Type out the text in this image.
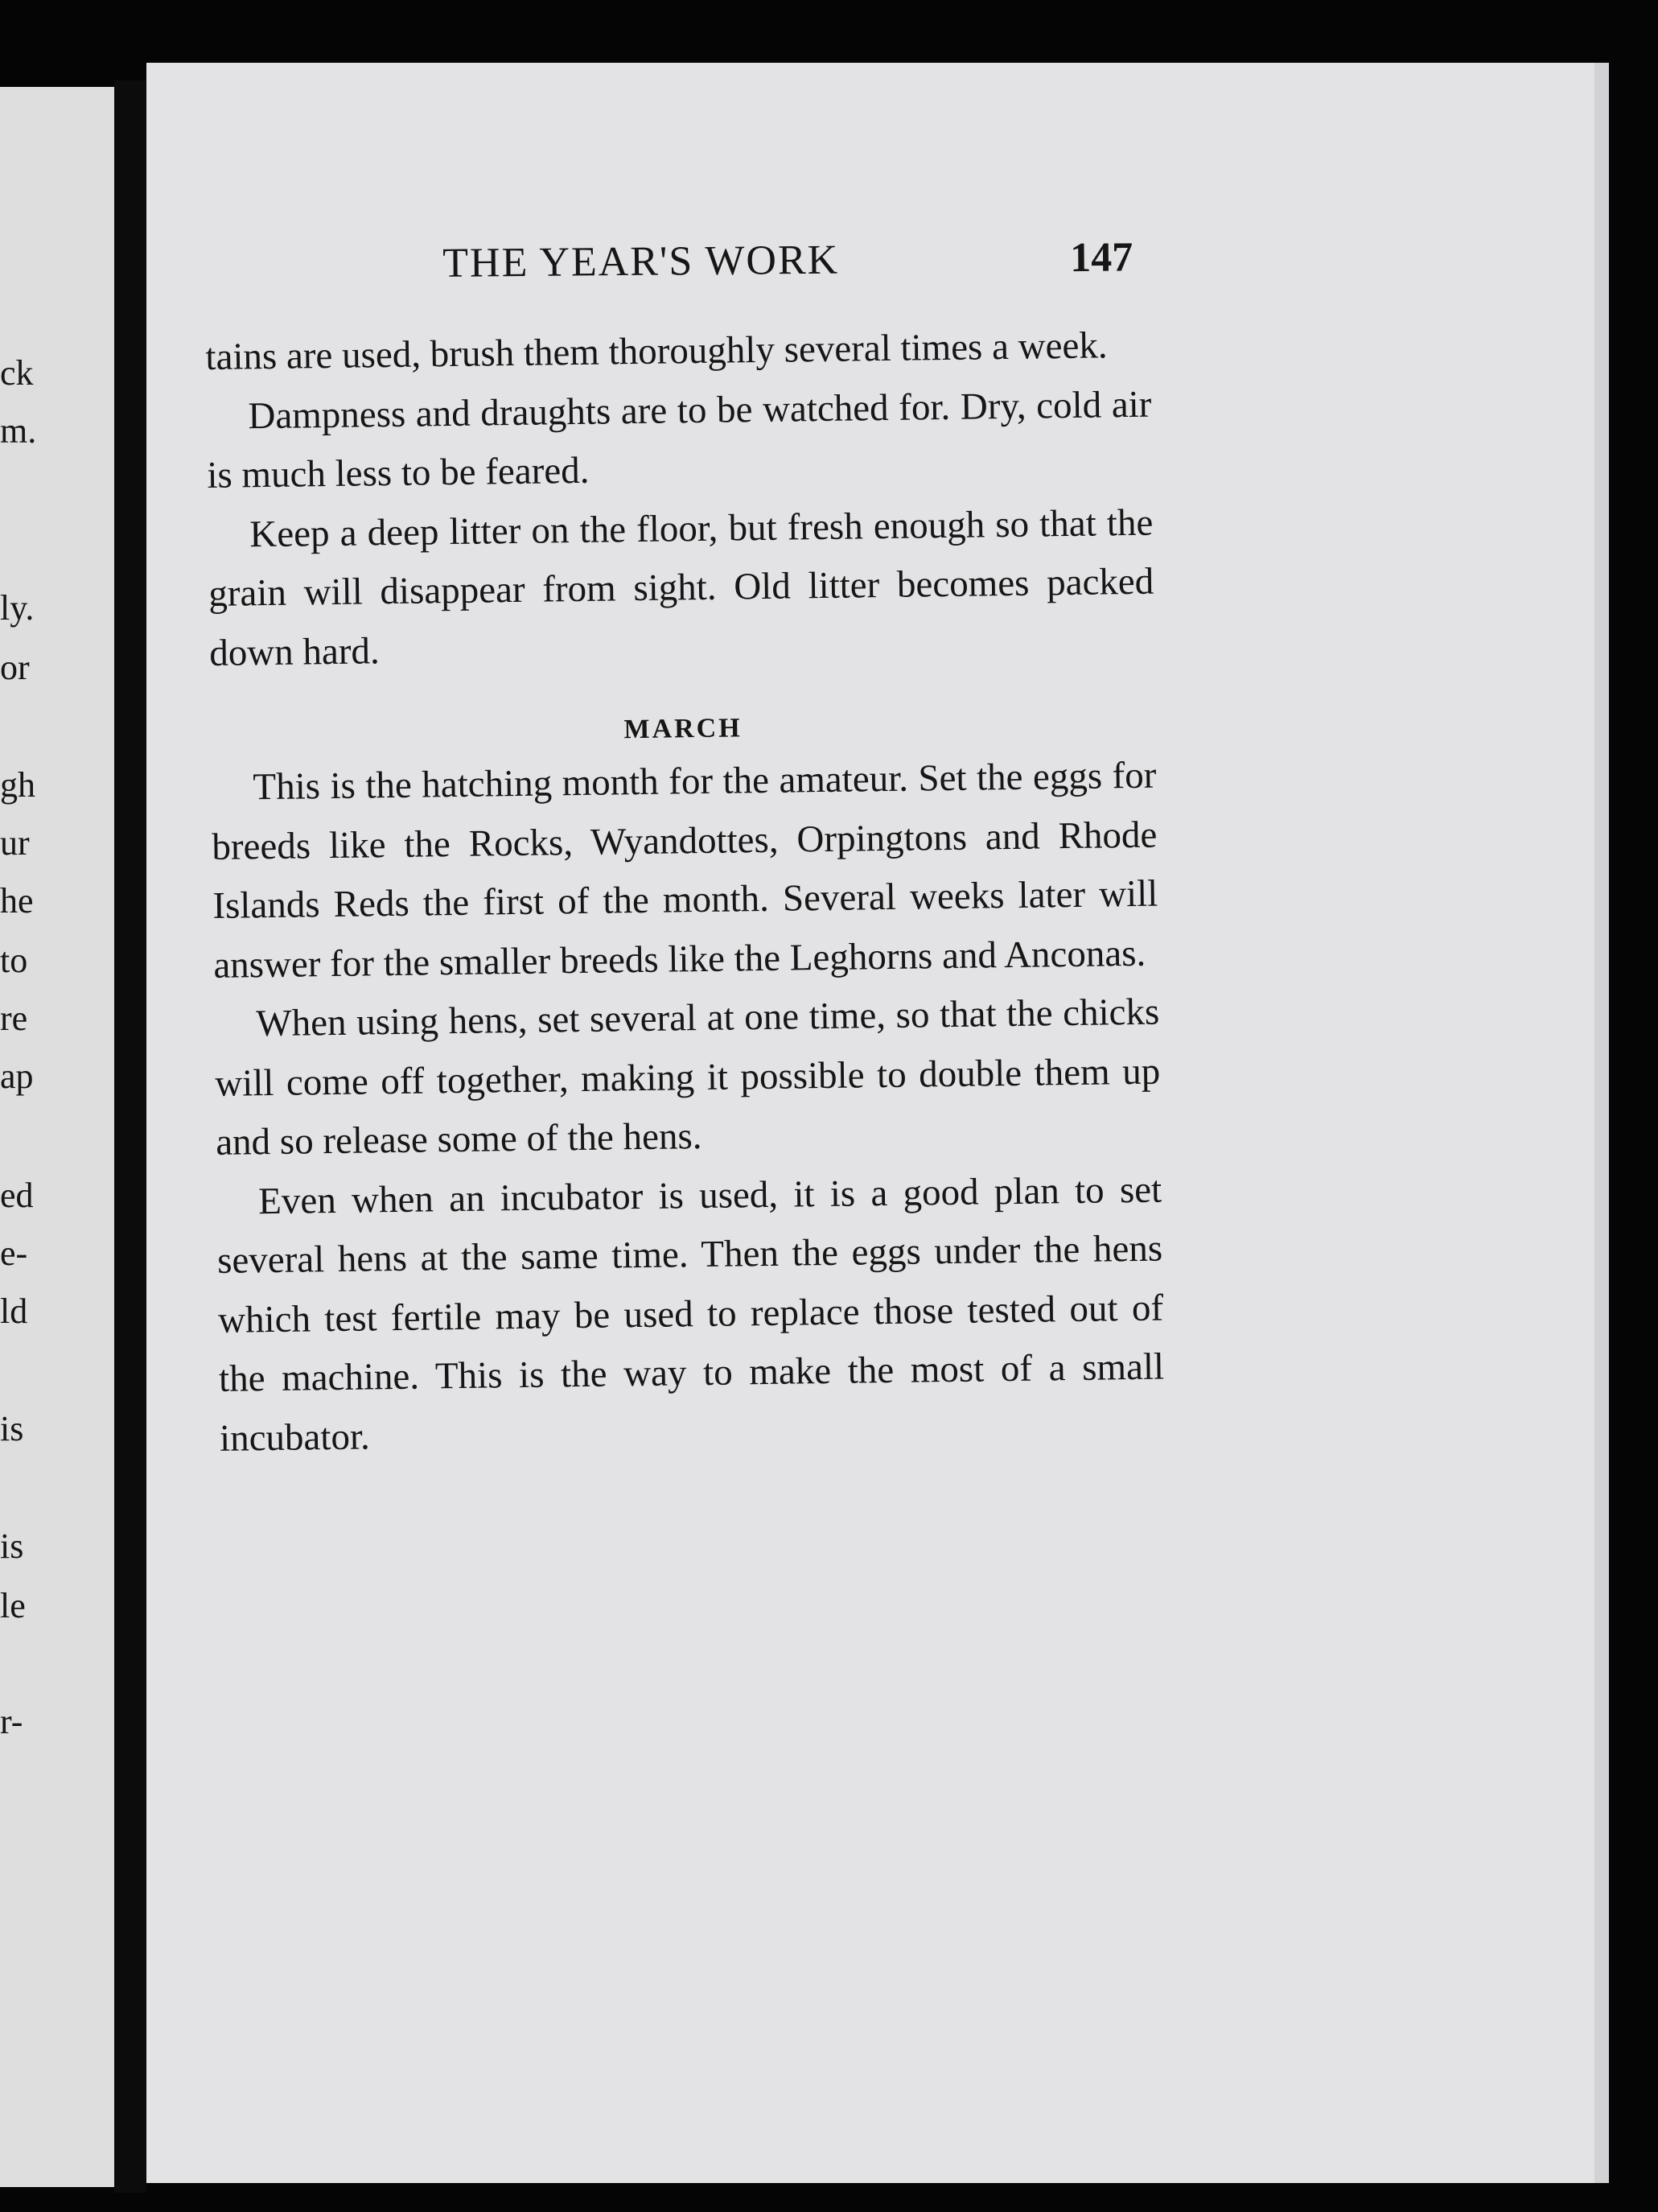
ck
m.
ly.
or
gh
ur
he
to
re
ap
ed
e-
ld
is
is
le
r-
THE YEAR'S WORK	147

tains are used, brush them thoroughly several times a week.

Dampness and draughts are to be watched for. Dry, cold air is much less to be feared.

Keep a deep litter on the floor, but fresh enough so that the grain will disappear from sight. Old litter becomes packed down hard.

MARCH

This is the hatching month for the amateur. Set the eggs for breeds like the Rocks, Wyandottes, Orpingtons and Rhode Islands Reds the first of the month. Several weeks later will answer for the smaller breeds like the Leghorns and Anconas.

When using hens, set several at one time, so that the chicks will come off together, making it possible to double them up and so release some of the hens.

Even when an incubator is used, it is a good plan to set several hens at the same time. Then the eggs under the hens which test fertile may be used to replace those tested out of the machine. This is the way to make the most of a small incubator.
